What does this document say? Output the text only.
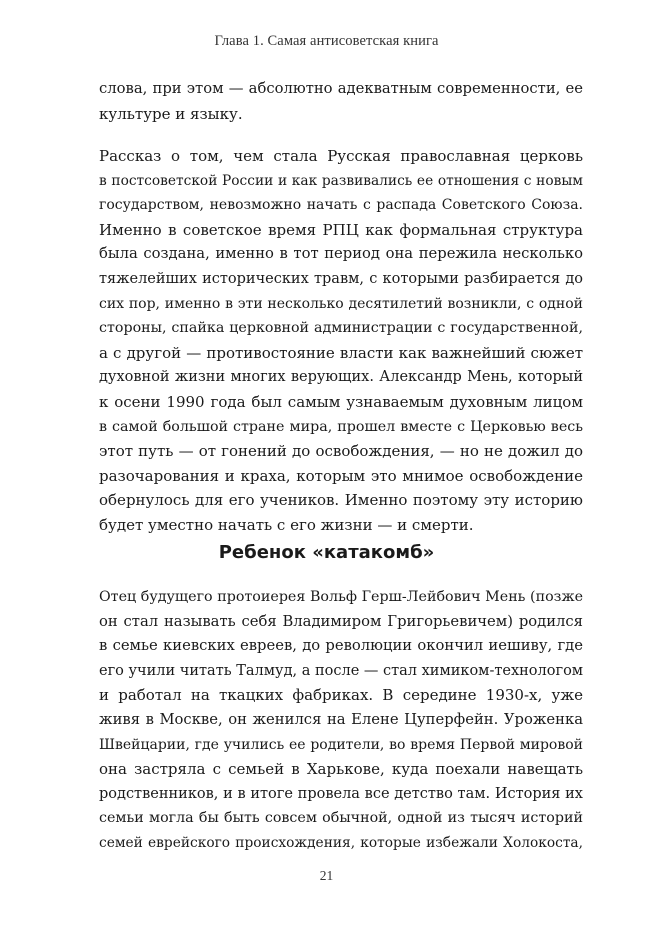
Глава 1. Самая антисоветская книга
слова, при этом — абсолютно адекватным современности, ее
культуре и языку.
Рассказ о том, чем стала Русская православная церковь
в постсоветской России и как развивались ее отношения с новым
государством, невозможно начать с распада Советского Союза.
Именно в советское время РПЦ как формальная структура
была создана, именно в тот период она пережила несколько
тяжелейших исторических травм, с которыми разбирается до
сих пор, именно в эти несколько десятилетий возникли, с одной
стороны, спайка церковной администрации с государственной,
а с другой — противостояние власти как важнейший сюжет
духовной жизни многих верующих. Александр Мень, который
к осени 1990 года был самым узнаваемым духовным лицом
в самой большой стране мира, прошел вместе с Церковью весь
этот путь — от гонений до освобождения, — но не дожил до
разочарования и краха, которым это мнимое освобождение
обернулось для его учеников. Именно поэтому эту историю
будет уместно начать с его жизни — и смерти.
Ребенок «катакомб»
Отец будущего протоиерея Вольф Герш-Лейбович Мень (позже
он стал называть себя Владимиром Григорьевичем) родился
в семье киевских евреев, до революции окончил иешиву, где
его учили читать Талмуд, а после — стал химиком-технологом
и работал на ткацких фабриках. В середине 1930-х, уже
живя в Москве, он женился на Елене Цуперфейн. Уроженка
Швейцарии, где учились ее родители, во время Первой мировой
она застряла с семьей в Харькове, куда поехали навещать
родственников, и в итоге провела все детство там. История их
семьи могла бы быть совсем обычной, одной из тысяч историй
семей еврейского происхождения, которые избежали Холокоста,
21
